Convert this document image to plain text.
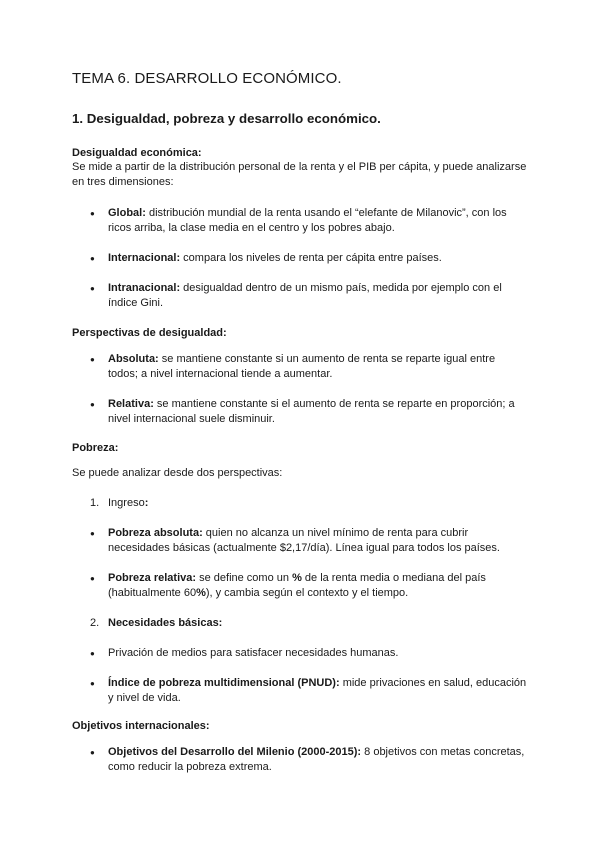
TEMA 6. DESARROLLO ECONÓMICO.
1. Desigualdad, pobreza y desarrollo económico.
Desigualdad económica:

Se mide a partir de la distribución personal de la renta y el PIB per cápita, y puede analizarse en tres dimensiones:

● Global: distribución mundial de la renta usando el “elefante de Milanovic”, con los ricos arriba, la clase media en el centro y los pobres abajo.
● Internacional: compara los niveles de renta per cápita entre países.
● Intranacional: desigualdad dentro de un mismo país, medida por ejemplo con el índice Gini.
Perspectivas de desigualdad:
● Absoluta: se mantiene constante si un aumento de renta se reparte igual entre todos; a nivel internacional tiende a aumentar.
● Relativa: se mantiene constante si el aumento de renta se reparte en proporción; a nivel internacional suele disminuir.
Pobreza:

Se puede analizar desde dos perspectivas:

1. Ingreso:
● Pobreza absoluta: quien no alcanza un nivel mínimo de renta para cubrir necesidades básicas (actualmente $2,17/día). Línea igual para todos los países.
● Pobreza relativa: se define como un % de la renta media o mediana del país (habitualmente 60%), y cambia según el contexto y el tiempo.
2. Necesidades básicas:
● Privación de medios para satisfacer necesidades humanas.
● Índice de pobreza multidimensional (PNUD): mide privaciones en salud, educación y nivel de vida.
Objetivos internacionales:
● Objetivos del Desarrollo del Milenio (2000-2015): 8 objetivos con metas concretas, como reducir la pobreza extrema.
